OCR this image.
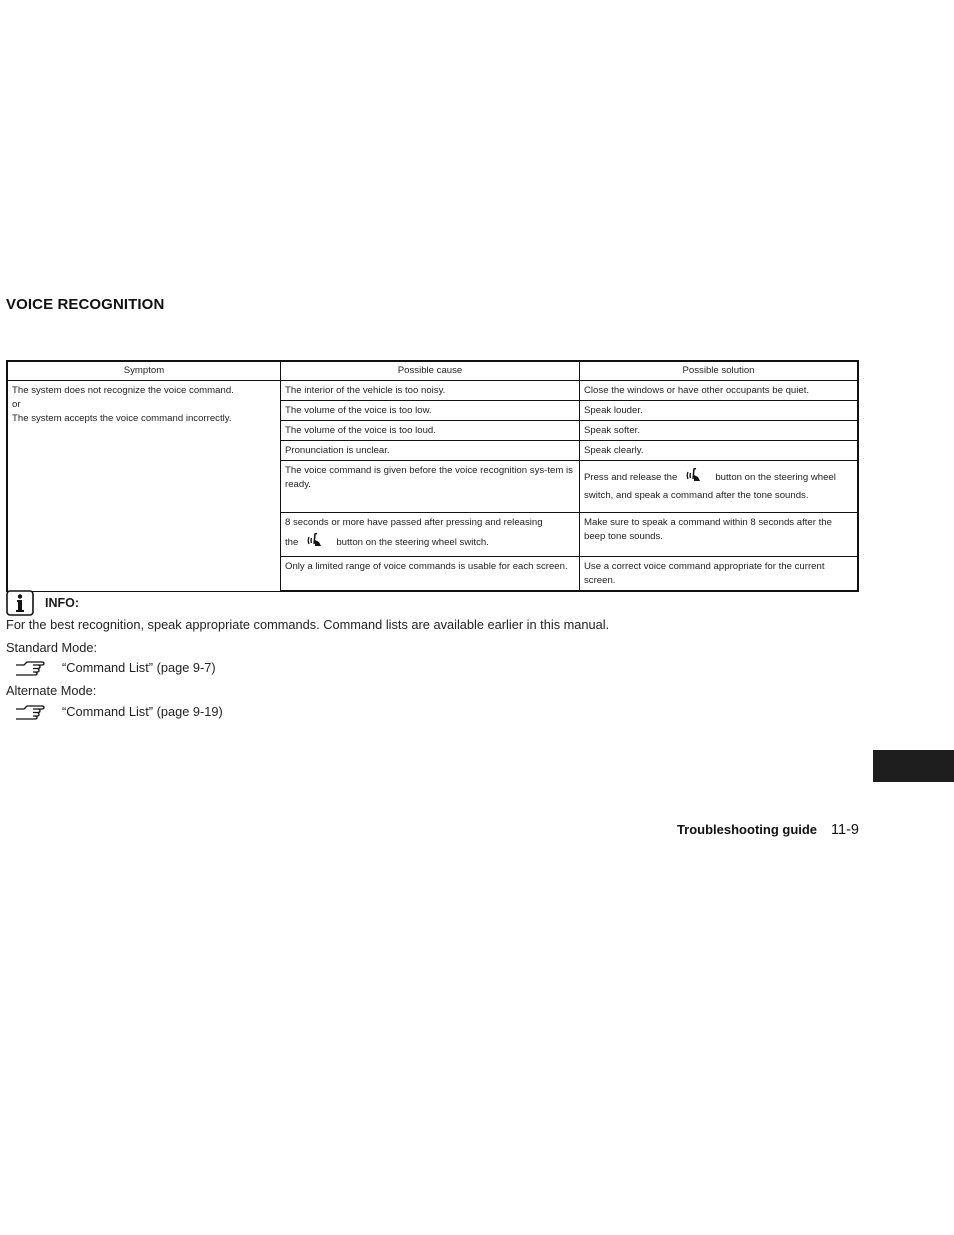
VOICE RECOGNITION
Symptom	Possible cause	Possible solution

The system does not recognize the voice command.
or
The system accepts the voice command incorrectly.	The interior of the vehicle is too noisy.	Close the windows or have other occupants be quiet.
	The volume of the voice is too low.	Speak louder.
	The volume of the voice is too loud.	Speak softer.
	Pronunciation is unclear.	Speak clearly.
	The voice command is given before the voice recognition sys-tem is ready.	Press and release the button on the steering wheel switch, and speak a command after the tone sounds.

	8 seconds or more have passed after pressing and releasing
the button on the steering wheel switch.	Make sure to speak a command within 8 seconds after the beep tone sounds.
	Only a limited range of voice commands is usable for each screen.	Use a correct voice command appropriate for the current screen.
INFO:
For the best recognition, speak appropriate commands. Command lists are available earlier in this manual.
Standard Mode:
“Command List” (page 9-7)
Alternate Mode:
“Command List” (page 9-19)
Troubleshooting guide 11-9
